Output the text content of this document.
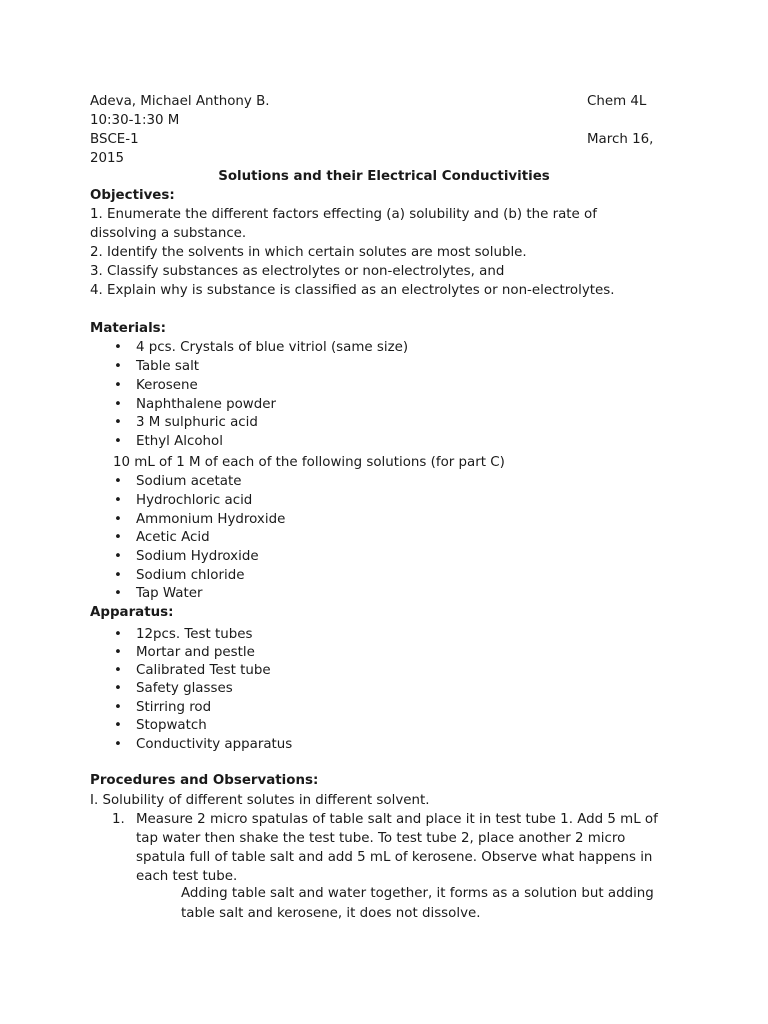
Adeva, Michael Anthony B.	Chem 4L
10:30-1:30 M
BSCE-1	March 16,
2015
Solutions and their Electrical Conductivities
Objectives:
1. Enumerate the different factors effecting (a) solubility and (b) the rate of
dissolving a substance.
2. Identify the solvents in which certain solutes are most soluble.
3. Classify substances as electrolytes or non-electrolytes, and
4. Explain why is substance is classified as an electrolytes or non-electrolytes.
Materials:
• 4 pcs. Crystals of blue vitriol (same size)
• Table salt
• Kerosene
• Naphthalene powder
• 3 M sulphuric acid
• Ethyl Alcohol
10 mL of 1 M of each of the following solutions (for part C)
• Sodium acetate
• Hydrochloric acid
• Ammonium Hydroxide
• Acetic Acid
• Sodium Hydroxide
• Sodium chloride
• Tap Water
Apparatus:
• 12pcs. Test tubes
• Mortar and pestle
• Calibrated Test tube
• Safety glasses
• Stirring rod
• Stopwatch
• Conductivity apparatus
Procedures and Observations:
I. Solubility of different solutes in different solvent.
1. Measure 2 micro spatulas of table salt and place it in test tube 1. Add 5 mL of
tap water then shake the test tube. To test tube 2, place another 2 micro
spatula full of table salt and add 5 mL of kerosene. Observe what happens in
each test tube.
Adding table salt and water together, it forms as a solution but adding
table salt and kerosene, it does not dissolve.
